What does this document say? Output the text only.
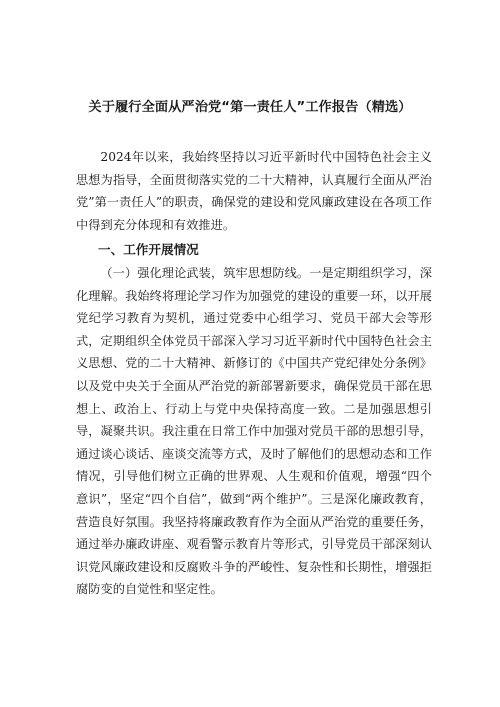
关于履行全面从严治党“第一责任人”工作报告（精选）

2024年以来，我始终坚持以习近平新时代中国特色社会主义思想为指导，全面贯彻落实党的二十大精神，认真履行全面从严治党”第一责任人”的职责，确保党的建设和党风廉政建设在各项工作中得到充分体现和有效推进。

一、工作开展情况

（一）强化理论武装，筑牢思想防线。一是定期组织学习，深化理解。我始终将理论学习作为加强党的建设的重要一环，以开展党纪学习教育为契机，通过党委中心组学习、党员干部大会等形式，定期组织全体党员干部深入学习习近平新时代中国特色社会主义思想、党的二十大精神、新修订的《中国共产党纪律处分条例》以及党中央关于全面从严治党的新部署新要求，确保党员干部在思想上、政治上、行动上与党中央保持高度一致。二是加强思想引导，凝聚共识。我注重在日常工作中加强对党员干部的思想引导，通过谈心谈话、座谈交流等方式，及时了解他们的思想动态和工作情况，引导他们树立正确的世界观、人生观和价值观，增强“四个意识”，坚定“四个自信”，做到“两个维护”。三是深化廉政教育，营造良好氛围。我坚持将廉政教育作为全面从严治党的重要任务，通过举办廉政讲座、观看警示教育片等形式，引导党员干部深刻认识党风廉政建设和反腐败斗争的严峻性、复杂性和长期性，增强拒腐防变的自觉性和坚定性。
